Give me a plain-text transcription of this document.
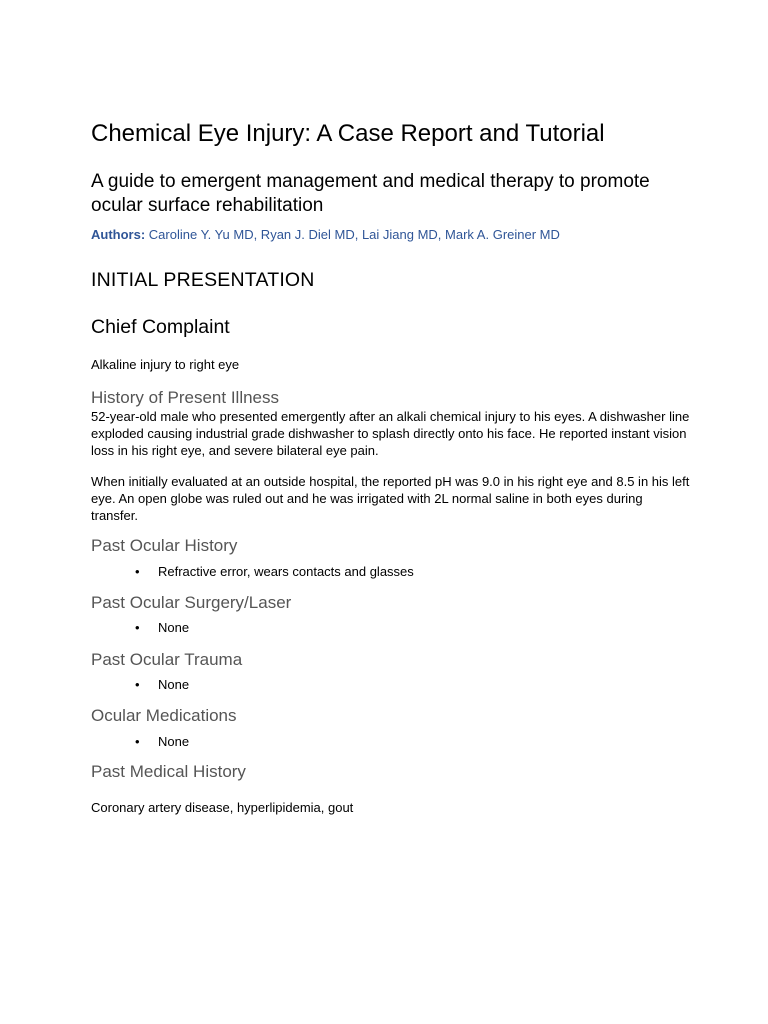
Chemical Eye Injury: A Case Report and Tutorial
A guide to emergent management and medical therapy to promote ocular surface rehabilitation

Authors: Caroline Y. Yu MD, Ryan J. Diel MD, Lai Jiang MD, Mark A. Greiner MD

INITIAL PRESENTATION
Chief Complaint

Alkaline injury to right eye

History of Present Illness

52-year-old male who presented emergently after an alkali chemical injury to his eyes. A dishwasher line exploded causing industrial grade dishwasher to splash directly onto his face. He reported instant vision loss in his right eye, and severe bilateral eye pain.

When initially evaluated at an outside hospital, the reported pH was 9.0 in his right eye and 8.5 in his left eye. An open globe was ruled out and he was irrigated with 2L normal saline in both eyes during transfer.

Past Ocular History
• Refractive error, wears contacts and glasses
Past Ocular Surgery/Laser
• None
Past Ocular Trauma
• None
Ocular Medications
• None
Past Medical History

Coronary artery disease, hyperlipidemia, gout
